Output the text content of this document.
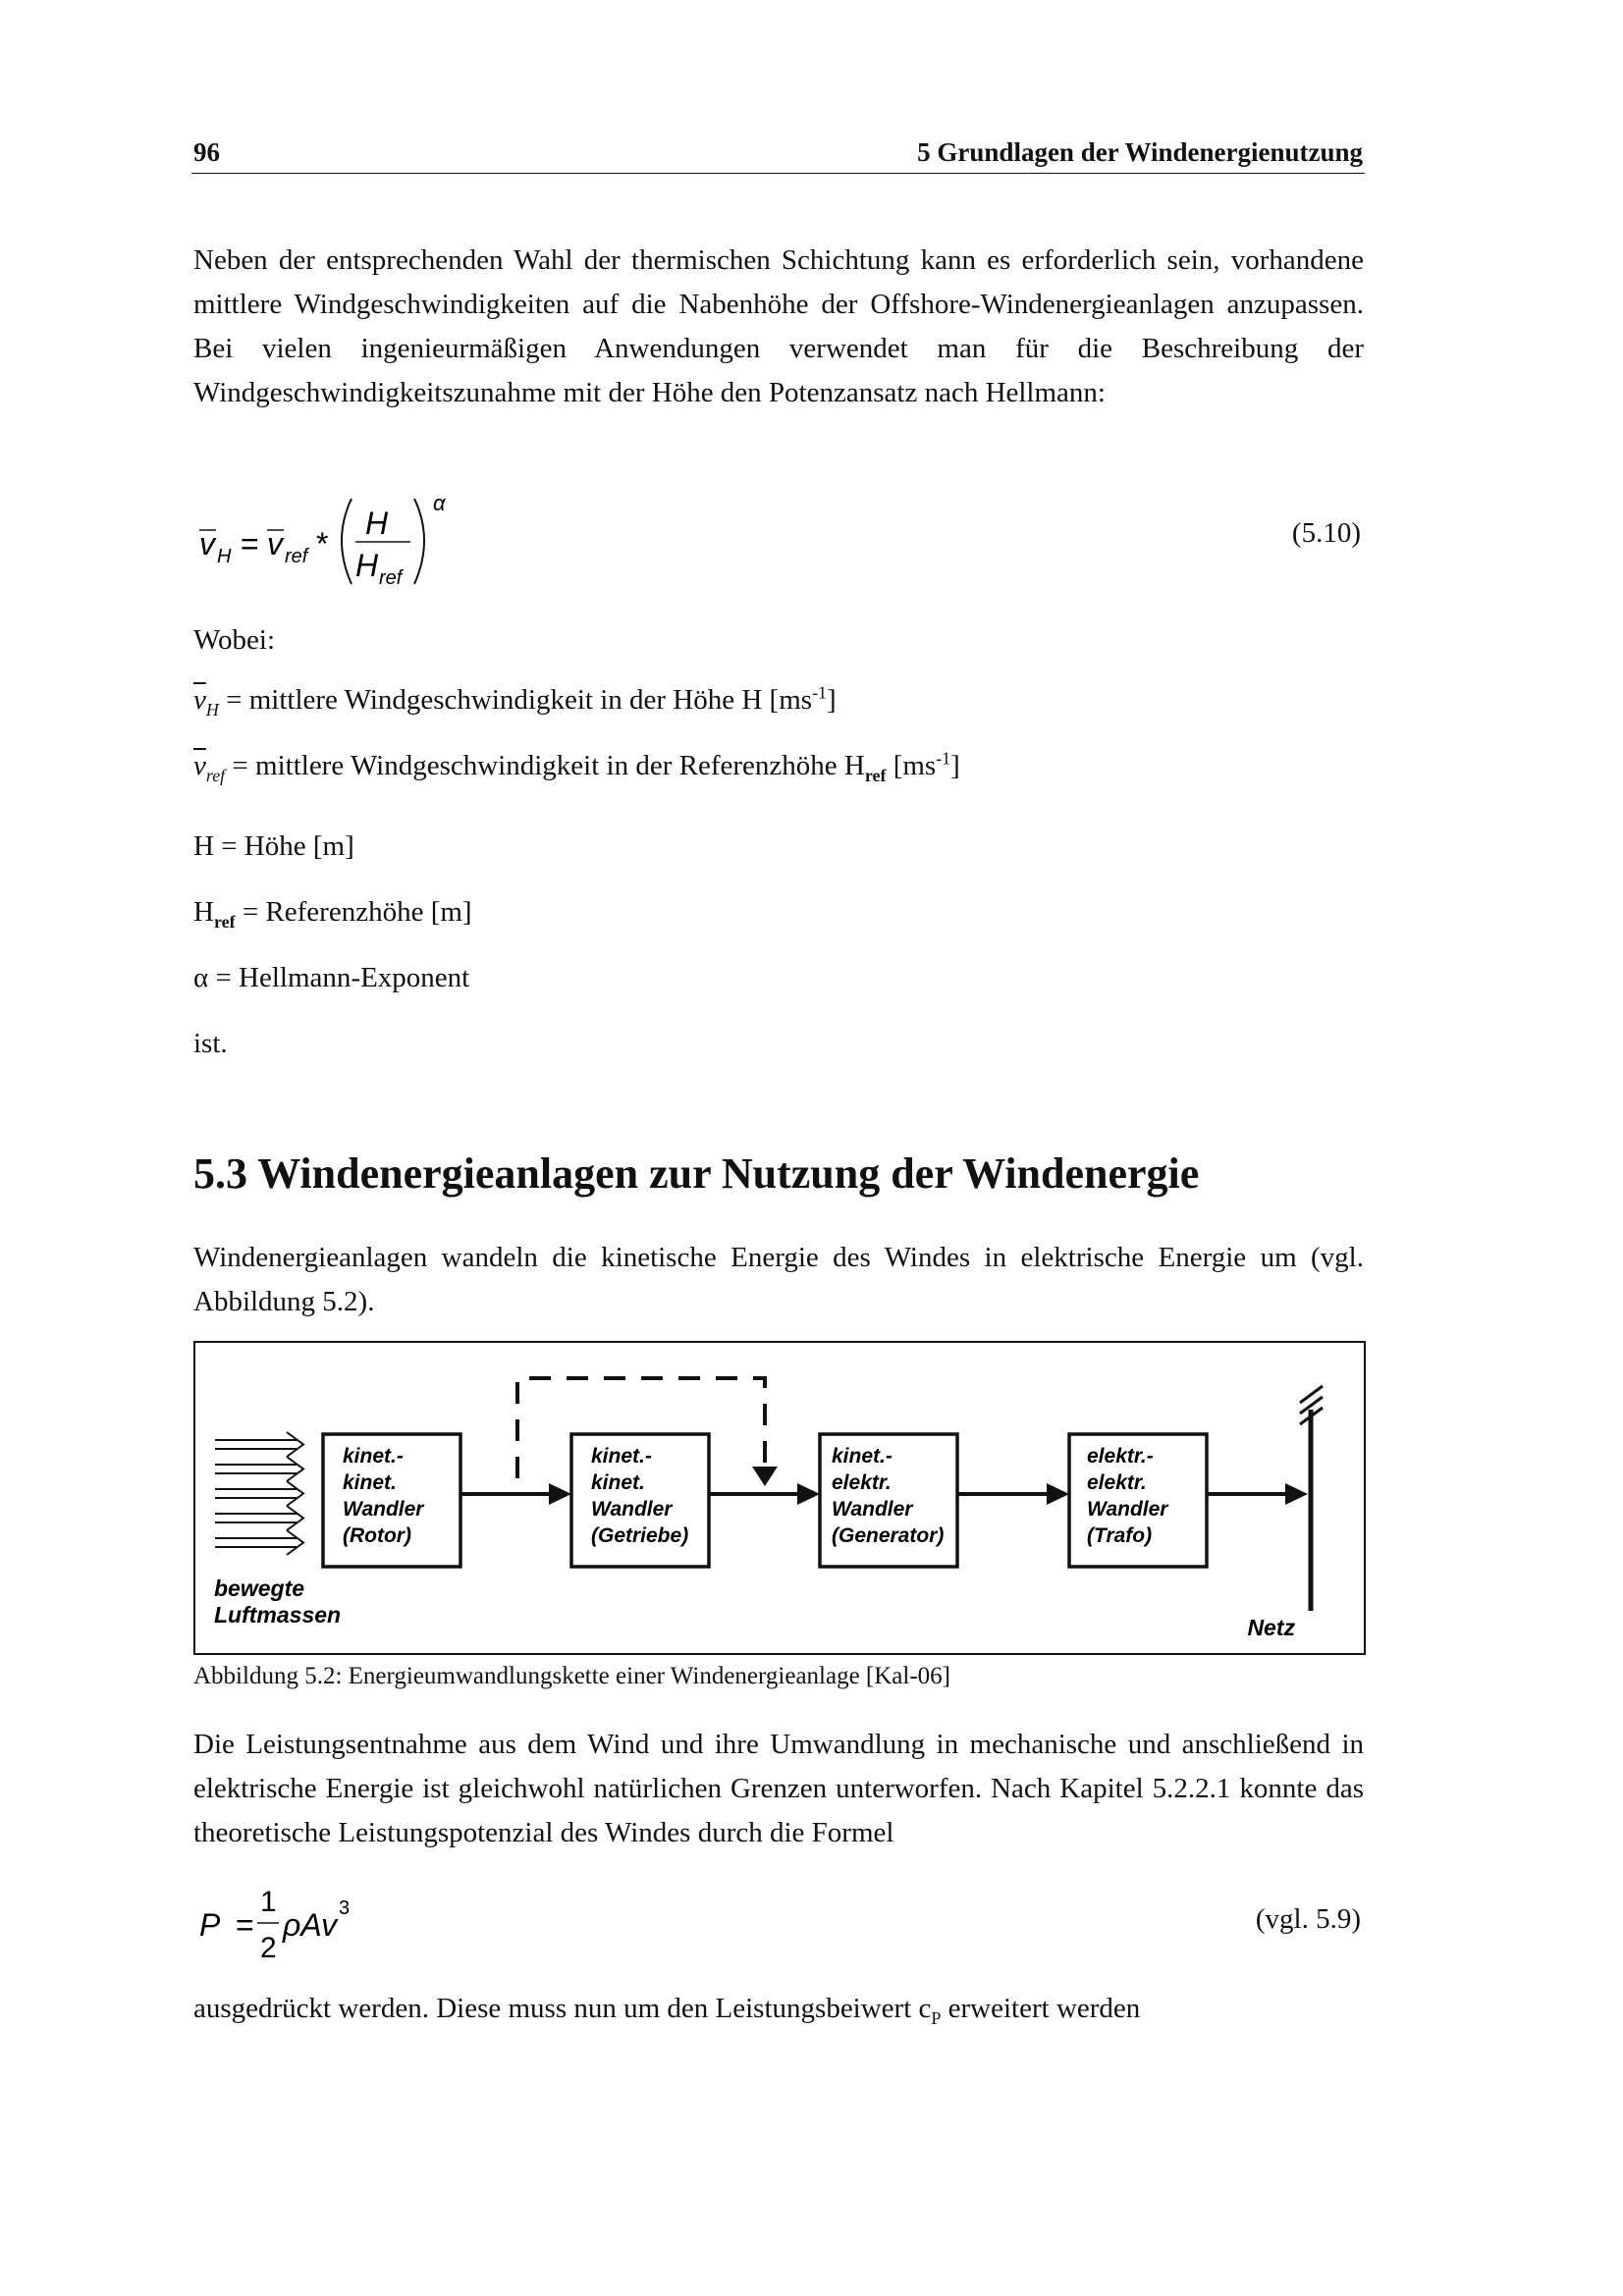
96	5 Grundlagen der Windenergienutzung
Neben der entsprechenden Wahl der thermischen Schichtung kann es erforderlich sein, vorhandene mittlere Windgeschwindigkeiten auf die Nabenhöhe der Offshore-Windenergieanlagen anzupassen. Bei vielen ingenieurmäßigen Anwendungen verwendet man für die Beschreibung der Windgeschwindigkeitszunahme mit der Höhe den Potenzansatz nach Hellmann:
v H = v ref *
H
H ref
α
(5.10)
Wobei:
$\overline{v}_H$ = mittlere Windgeschwindigkeit in der Höhe H $[ms^{-1}]$
$\overline{v}_{ref}$ = mittlere Windgeschwindigkeit in der Referenzhöhe $H_{ref}$ $[ms^{-1}]$
H = Höhe [m]
$H_{ref}$ = Referenzhöhe [m]
α = Hellmann-Exponent
ist.
5.3 Windenergieanlagen zur Nutzung der Windenergie
Windenergieanlagen wandeln die kinetische Energie des Windes in elektrische Energie um (vgl. Abbildung 5.2).
bewegte
Luftmassen
kinet.-
kinet.
Wandler
(Rotor)
kinet.-
kinet.
Wandler
(Getriebe)
kinet.-
elektr.
Wandler
(Generator)
elektr.-
elektr.
Wandler
(Trafo)
Netz
Abbildung 5.2: Energieumwandlungskette einer Windenergieanlage [Kal-06]
Die Leistungsentnahme aus dem Wind und ihre Umwandlung in mechanische und anschließend in elektrische Energie ist gleichwohl natürlichen Grenzen unterworfen. Nach Kapitel 5.2.2.1 konnte das theoretische Leistungspotenzial des Windes durch die Formel
P =
1
2
ρAv 3	(vgl. 5.9)
ausgedrückt werden. Diese muss nun um den Leistungsbeiwert $c_P$ erweitert werden
